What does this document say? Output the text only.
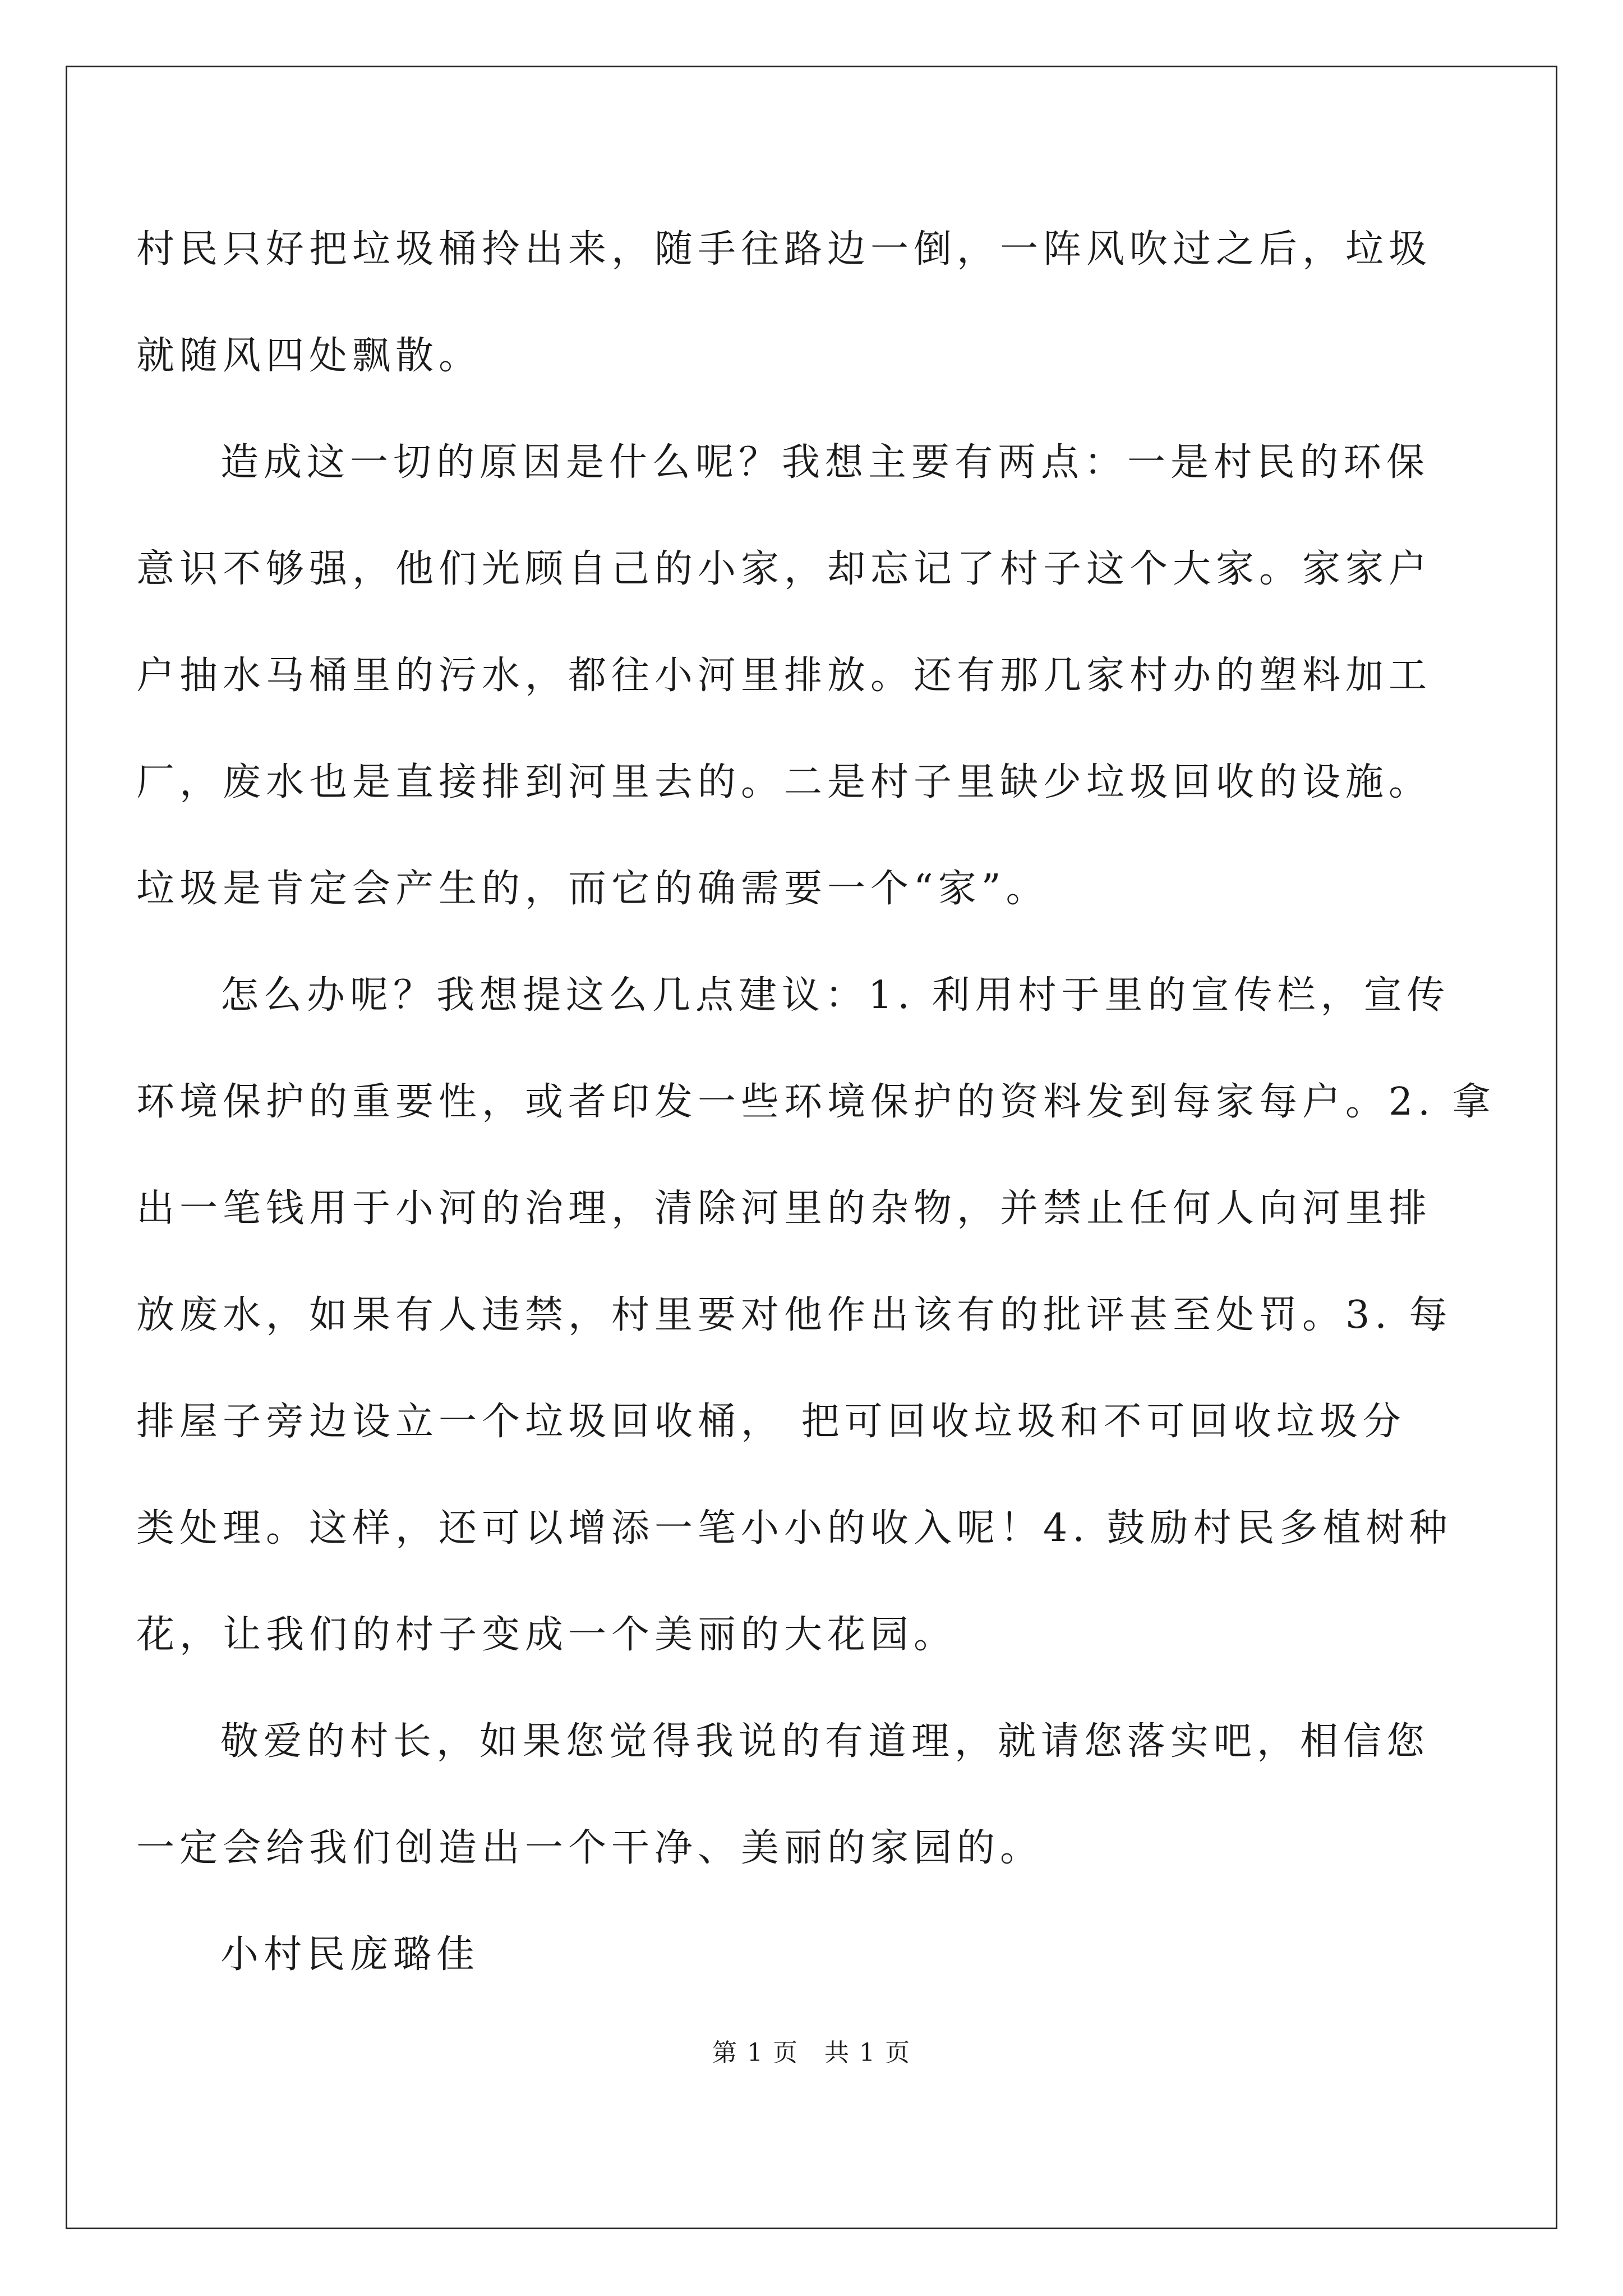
村民只好把垃圾桶拎出来，随手往路边一倒，一阵风吹过之后，垃圾
就随风四处飘散。
造成这一切的原因是什么呢？我想主要有两点：一是村民的环保
意识不够强，他们光顾自己的小家，却忘记了村子这个大家。家家户
户抽水马桶里的污水，都往小河里排放。还有那几家村办的塑料加工
厂，废水也是直接排到河里去的。二是村子里缺少垃圾回收的设施。
垃圾是肯定会产生的，而它的确需要一个“家”。
怎么办呢？我想提这么几点建议：1. 利用村于里的宣传栏，宣传
环境保护的重要性，或者印发一些环境保护的资料发到每家每户。2. 拿
出一笔钱用于小河的治理，清除河里的杂物，并禁止任何人向河里排
放废水，如果有人违禁，村里要对他作出该有的批评甚至处罚。3. 每
排屋子旁边设立一个垃圾回收桶， 把可回收垃圾和不可回收垃圾分
类处理。这样，还可以增添一笔小小的收入呢！4. 鼓励村民多植树种
花，让我们的村子变成一个美丽的大花园。
敬爱的村长，如果您觉得我说的有道理，就请您落实吧，相信您
一定会给我们创造出一个干净、美丽的家园的。
小村民庞璐佳
第 1 页　共 1 页
